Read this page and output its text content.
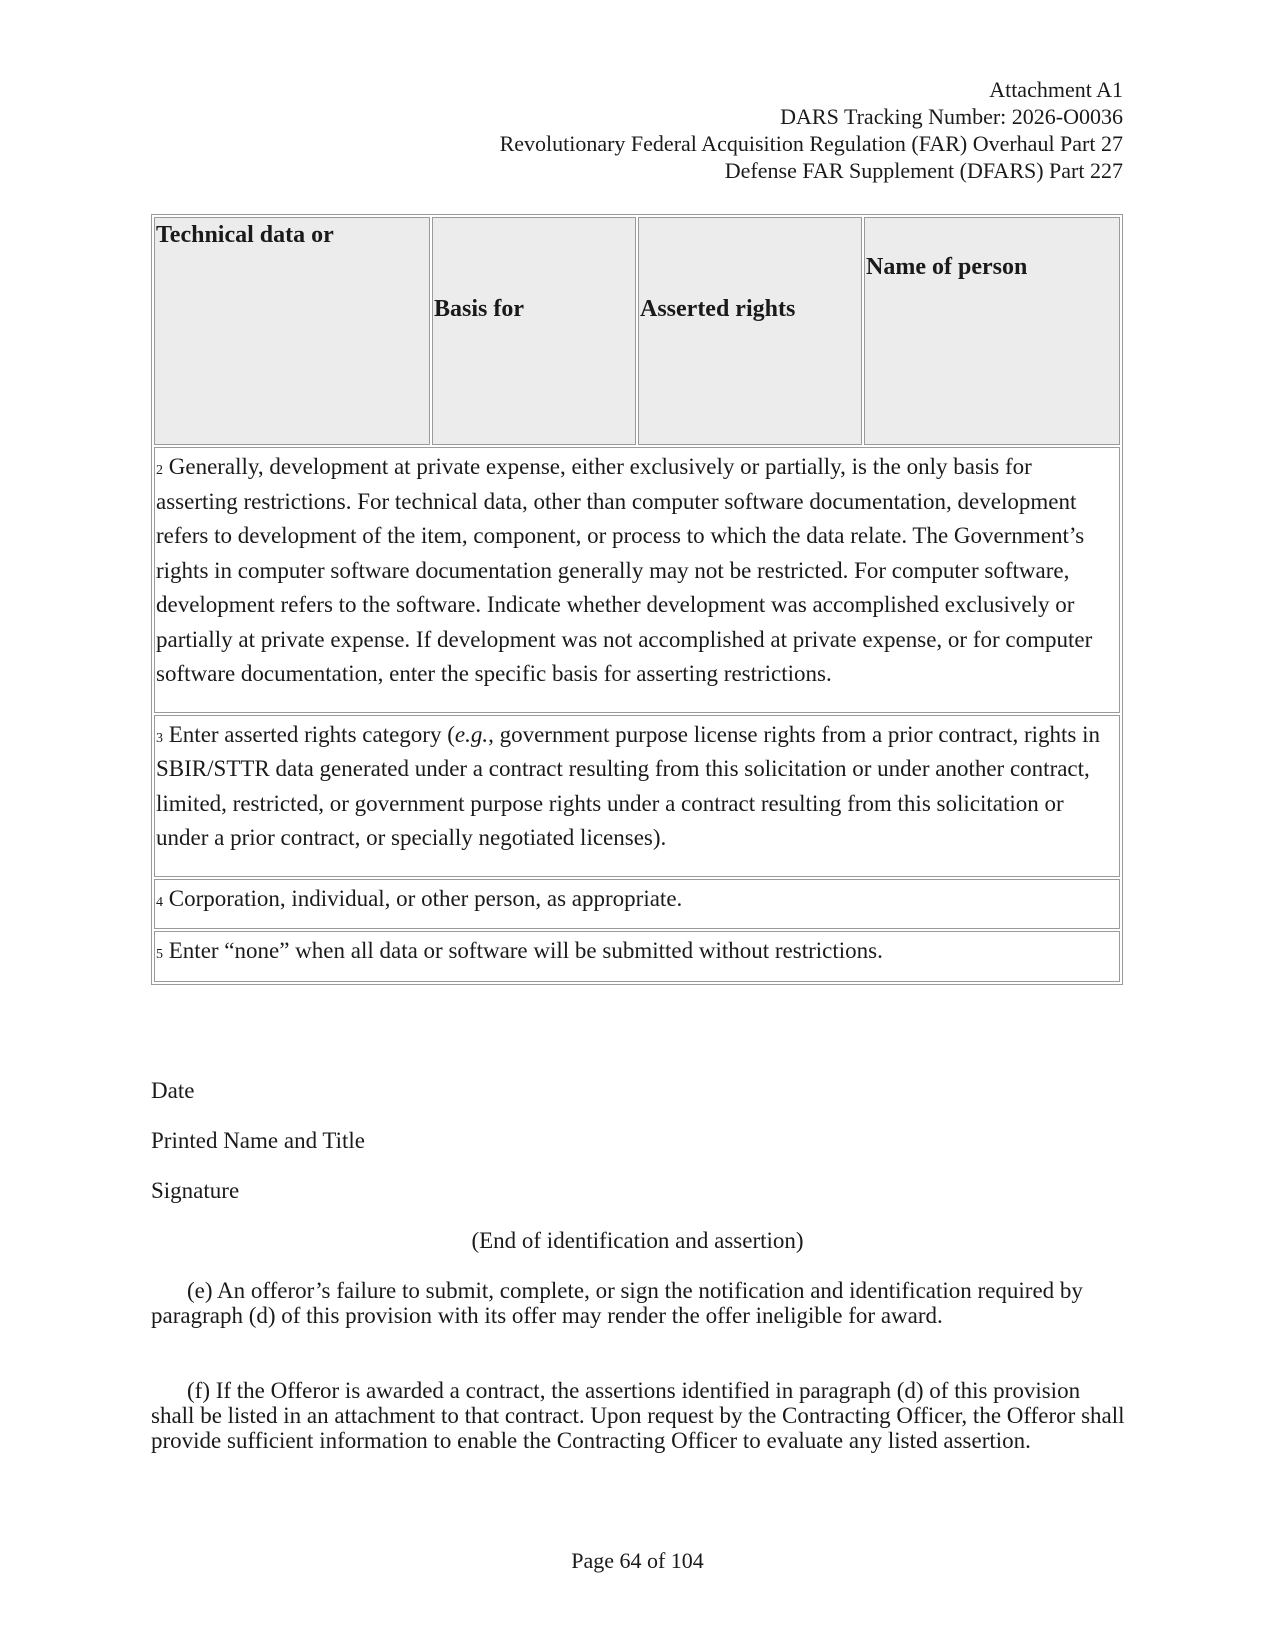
Attachment A1
DARS Tracking Number: 2026-O0036
Revolutionary Federal Acquisition Regulation (FAR) Overhaul Part 27
Defense FAR Supplement (DFARS) Part 227
Technical data or	Basis for	Asserted rights	Name of person
$^2$ Generally, development at private expense, either exclusively or partially, is the only basis for asserting restrictions. For technical data, other than computer software documentation, development refers to development of the item, component, or process to which the data relate. The Government’s rights in computer software documentation generally may not be restricted. For computer software, development refers to the software. Indicate whether development was accomplished exclusively or partially at private expense. If development was not accomplished at private expense, or for computer software documentation, enter the specific basis for asserting restrictions.
$^3$ Enter asserted rights category (e.g., government purpose license rights from a prior contract, rights in SBIR/STTR data generated under a contract resulting from this solicitation or under another contract, limited, restricted, or government purpose rights under a contract resulting from this solicitation or under a prior contract, or specially negotiated licenses).
$^4$ Corporation, individual, or other person, as appropriate.
$^5$ Enter “none” when all data or software will be submitted without restrictions.
Date
Printed Name and Title
Signature
(End of identification and assertion)
(e) An offeror’s failure to submit, complete, or sign the notification and identification required by paragraph (d) of this provision with its offer may render the offer ineligible for award.
(f) If the Offeror is awarded a contract, the assertions identified in paragraph (d) of this provision shall be listed in an attachment to that contract. Upon request by the Contracting Officer, the Offeror shall provide sufficient information to enable the Contracting Officer to evaluate any listed assertion.
Page 64 of 104
